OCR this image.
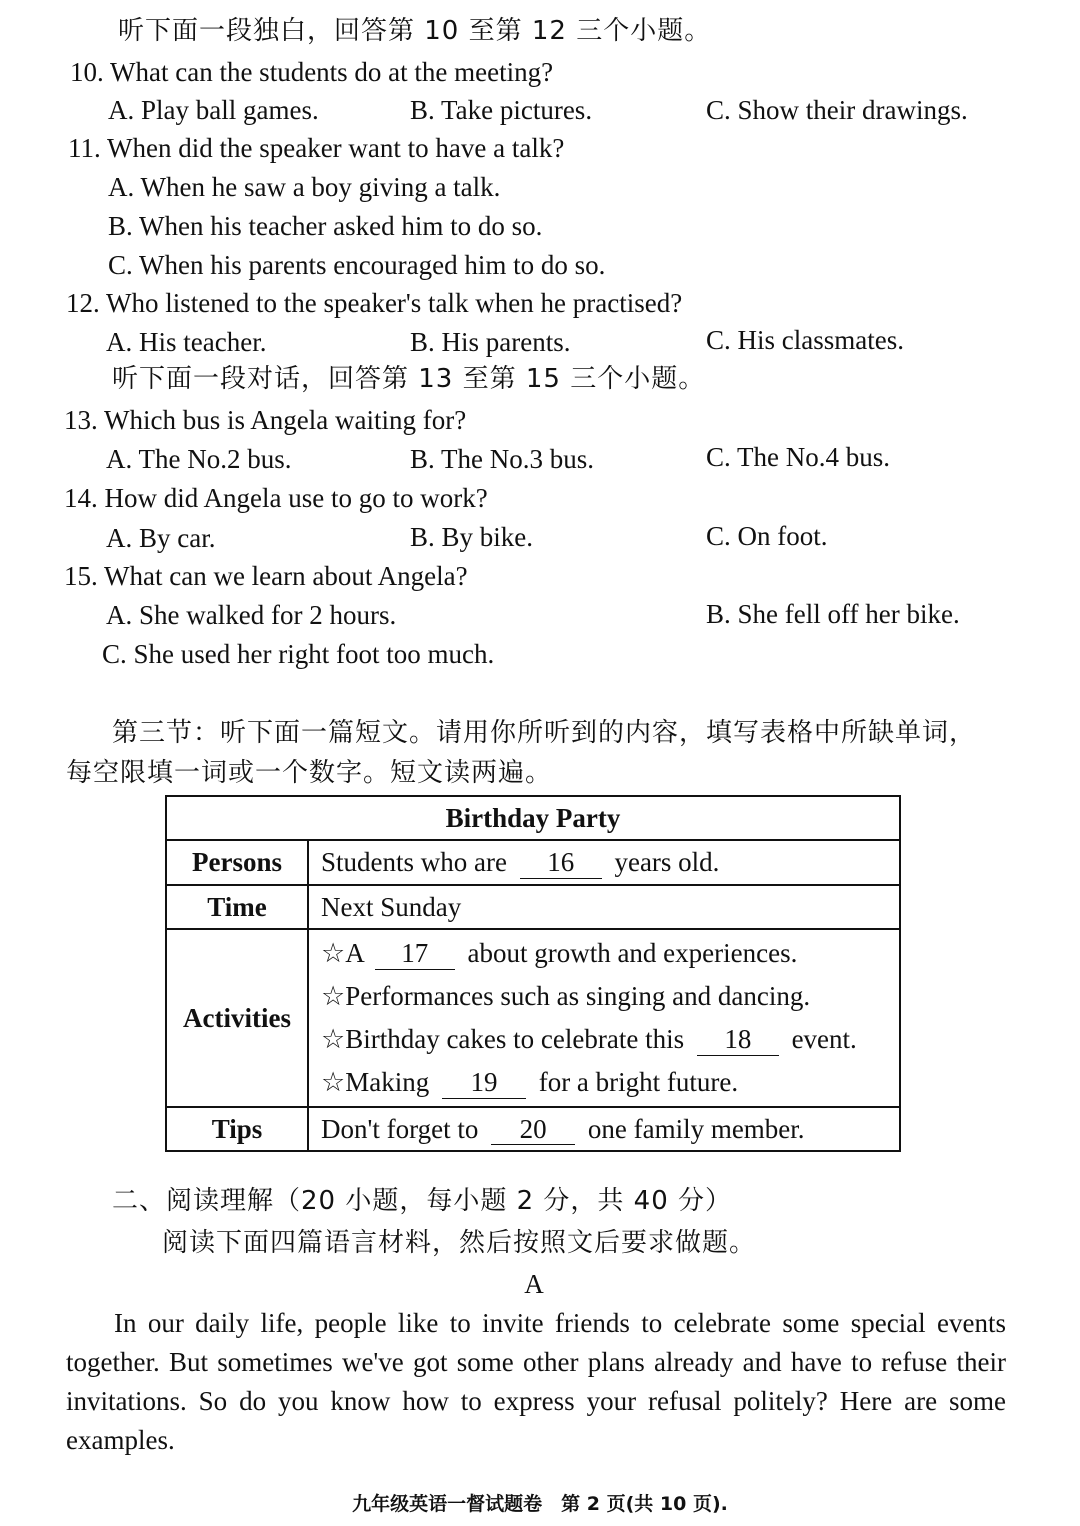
听下面一段独白，回答第 10 至第 12 三个小题。
10. What can the students do at the meeting?
A. Play ball games.	B. Take pictures.	C. Show their drawings.
11. When did the speaker want to have a talk?
A. When he saw a boy giving a talk.
B. When his teacher asked him to do so.
C. When his parents encouraged him to do so.
12. Who listened to the speaker's talk when he practised?
A. His teacher.	B. His parents.	C. His classmates.
听下面一段对话，回答第 13 至第 15 三个小题。
13. Which bus is Angela waiting for?
A. The No.2 bus.	B. The No.3 bus.	C. The No.4 bus.
14. How did Angela use to go to work?
A. By car.	B. By bike.	C. On foot.
15. What can we learn about Angela?
A. She walked for 2 hours.	B. She fell off her bike.
C. She used her right foot too much.
第三节：听下面一篇短文。请用你所听到的内容，填写表格中所缺单词，
每空限填一词或一个数字。短文读两遍。
Birthday Party	
Persons	Students who are 16 years old.
Time	Next Sunday
Activities	☆A 17 about growth and experiences.
☆Performances such as singing and dancing.
☆Birthday cakes to celebrate this 18 event.
☆Making 19 for a bright future.

Tips	Don't forget to 20 one family member.
二、阅读理解（20 小题，每小题 2 分，共 40 分）
阅读下面四篇语言材料，然后按照文后要求做题。
A
In our daily life, people like to invite friends to celebrate some special events together. But sometimes we've got some other plans already and have to refuse their invitations. So do you know how to express your refusal politely? Here are some examples.
九年级英语一督试题卷　第 2 页(共 10 页).
